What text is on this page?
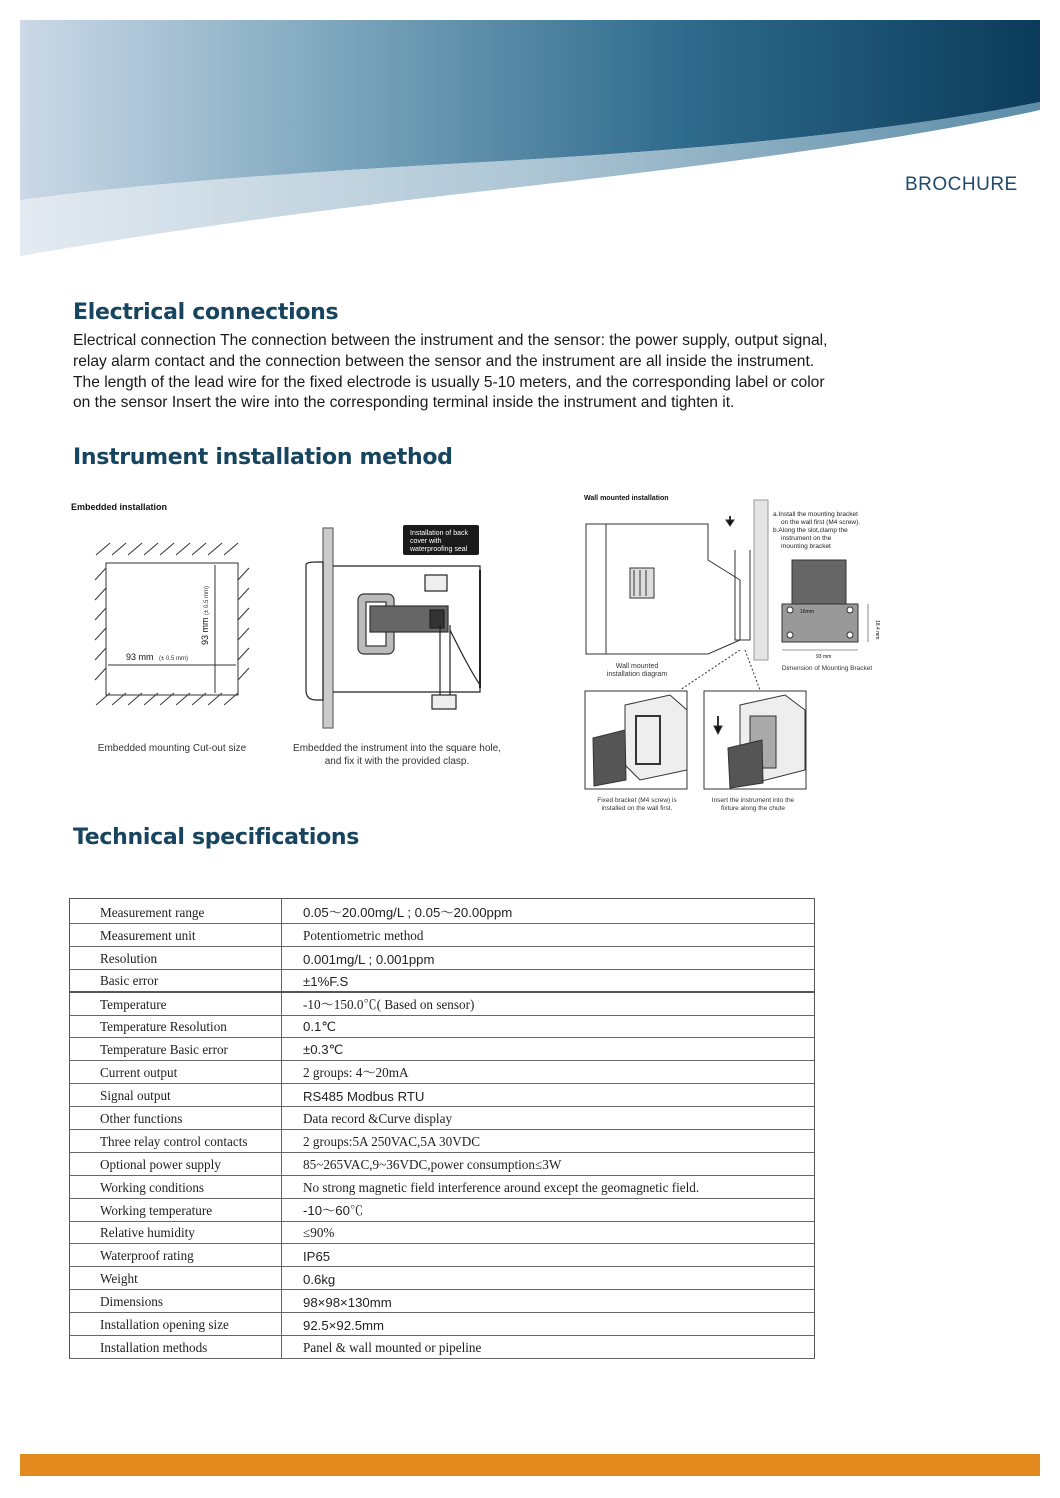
BROCHURE
Electrical connections
Electrical connection The connection between the instrument and the sensor: the power supply, output signal, relay alarm contact and the connection between the sensor and the instrument are all inside the instrument. The length of the lead wire for the fixed electrode is usually 5-10 meters, and the corresponding label or color on the sensor Insert the wire into the corresponding terminal inside the instrument and tighten it.
Instrument installation method
Embedded installation
93 mm (± 0.5 mm)
93 mm
(± 0.5 mm)
Embedded mounting Cut-out size
Installation of back
cover with
waterproofing seal
Embedded the instrument into the square hole,
and fix it with the provided clasp.
Wall mounted installation
a.Install the mounting bracket
on the wall first (M4 screw).
b.Along the slot,clamp the
instrument on the
mounting bracket
Wall mounted
installation diagram
16mm
93 mm
18.4 mm
Dimension of Mounting Bracket
Fixed bracket (M4 screw) is
installed on the wall first.
Insert the instrument into the
fixture along the chute
Technical specifications
Measurement range	0.05～20.00mg/L ; 0.05～20.00ppm
Measurement unit	Potentiometric method
Resolution	0.001mg/L ; 0.001ppm
Basic error	±1%F.S
Temperature	-10～150.0℃( Based on sensor)
Temperature Resolution	0.1℃
Temperature Basic error	±0.3℃
Current output	2 groups: 4～20mA
Signal output	RS485 Modbus RTU
Other functions	Data record &Curve display
Three relay control contacts	2 groups:5A 250VAC,5A 30VDC
Optional power supply	85~265VAC,9~36VDC,power consumption≤3W
Working conditions	No strong magnetic field interference around except the geomagnetic field.
Working temperature	-10～60℃
Relative humidity	≤90%
Waterproof rating	IP65
Weight	0.6kg
Dimensions	98×98×130mm
Installation opening size	92.5×92.5mm
Installation methods	Panel & wall mounted or pipeline
